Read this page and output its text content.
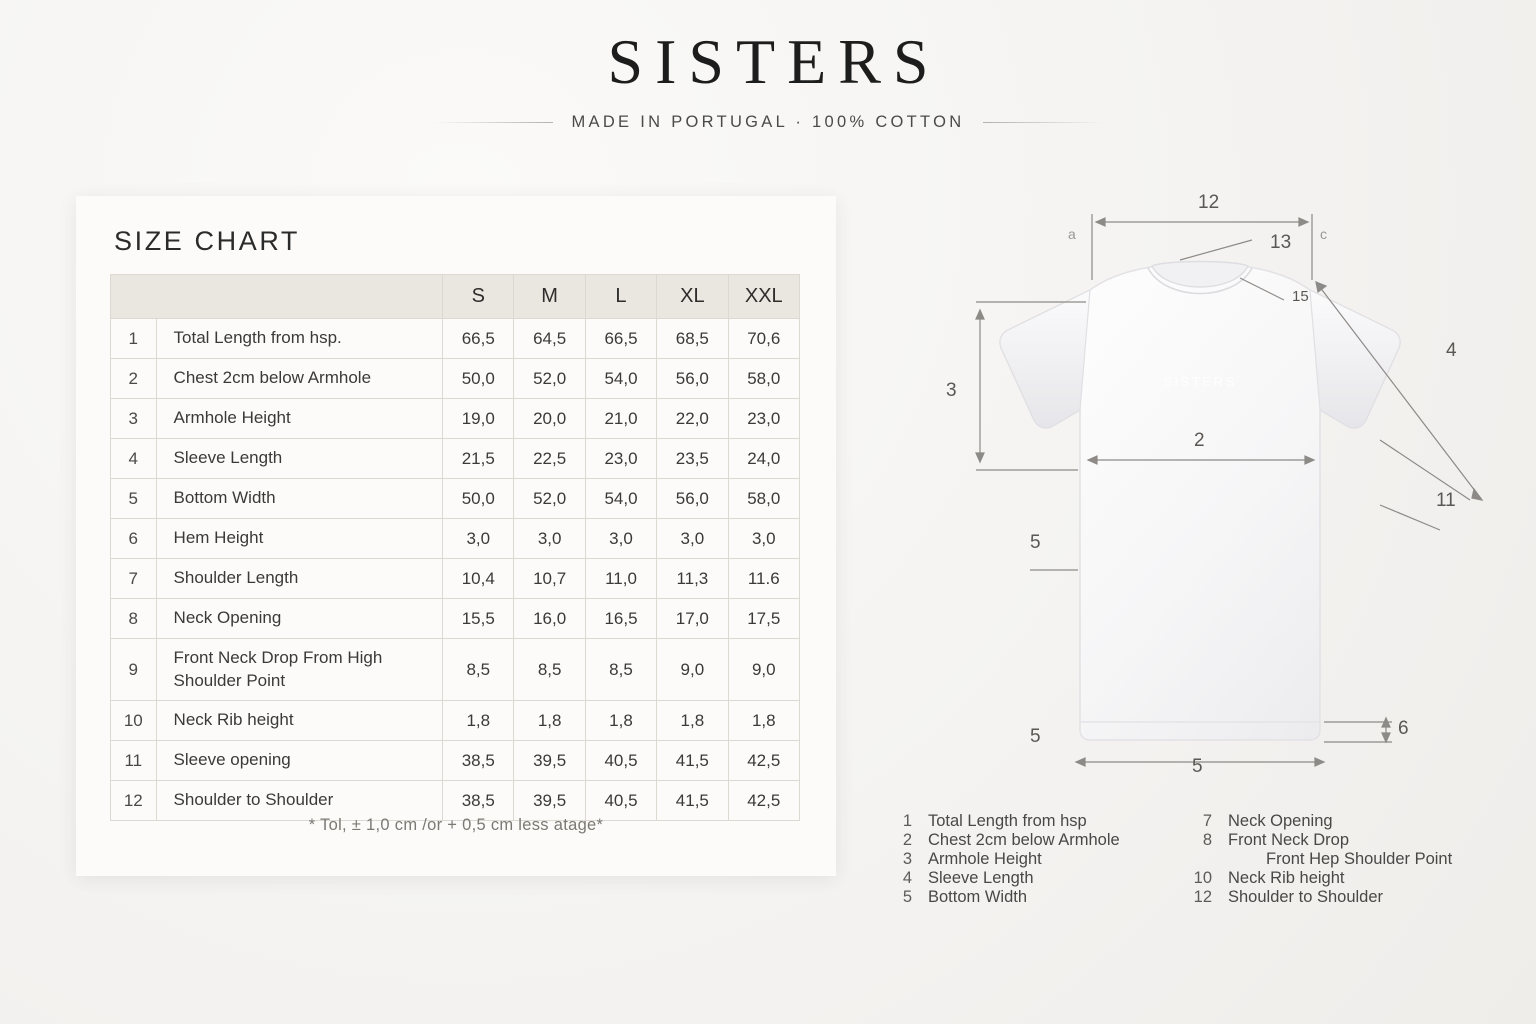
SISTERS
MADE IN PORTUGAL · 100% COTTON
SIZE CHART
		S	M	L	XL	XXL
1	Total Length from hsp.	66,5	64,5	66,5	68,5	70,6
2	Chest 2cm below Armhole	50,0	52,0	54,0	56,0	58,0
3	Armhole Height	19,0	20,0	21,0	22,0	23,0
4	Sleeve Length	21,5	22,5	23,0	23,5	24,0
5	Bottom Width	50,0	52,0	54,0	56,0	58,0
6	Hem Height	3,0	3,0	3,0	3,0	3,0
7	Shoulder Length	10,4	10,7	11,0	11,3	11.6
8	Neck Opening	15,5	16,0	16,5	17,0	17,5
9	Front Neck Drop From High Shoulder Point	8,5	8,5	8,5	9,0	9,0
10	Neck Rib height	1,8	1,8	1,8	1,8	1,8
11	Sleeve opening	38,5	39,5	40,5	41,5	42,5
12	Shoulder to Shoulder	38,5	39,5	40,5	41,5	42,5
* Tol, ± 1,0 cm /or + 0,5 cm less atage*
SISTERS
12
13
15
3
4
2
11
5
5
5
6
a	c
1 Total Length from hsp
2 Chest 2cm below Armhole
3 Armhole Height
4 Sleeve Length
5 Bottom Width
7 Neck Opening
8 Front Neck Drop
Front Hep Shoulder Point
10 Neck Rib height
12 Shoulder to Shoulder
